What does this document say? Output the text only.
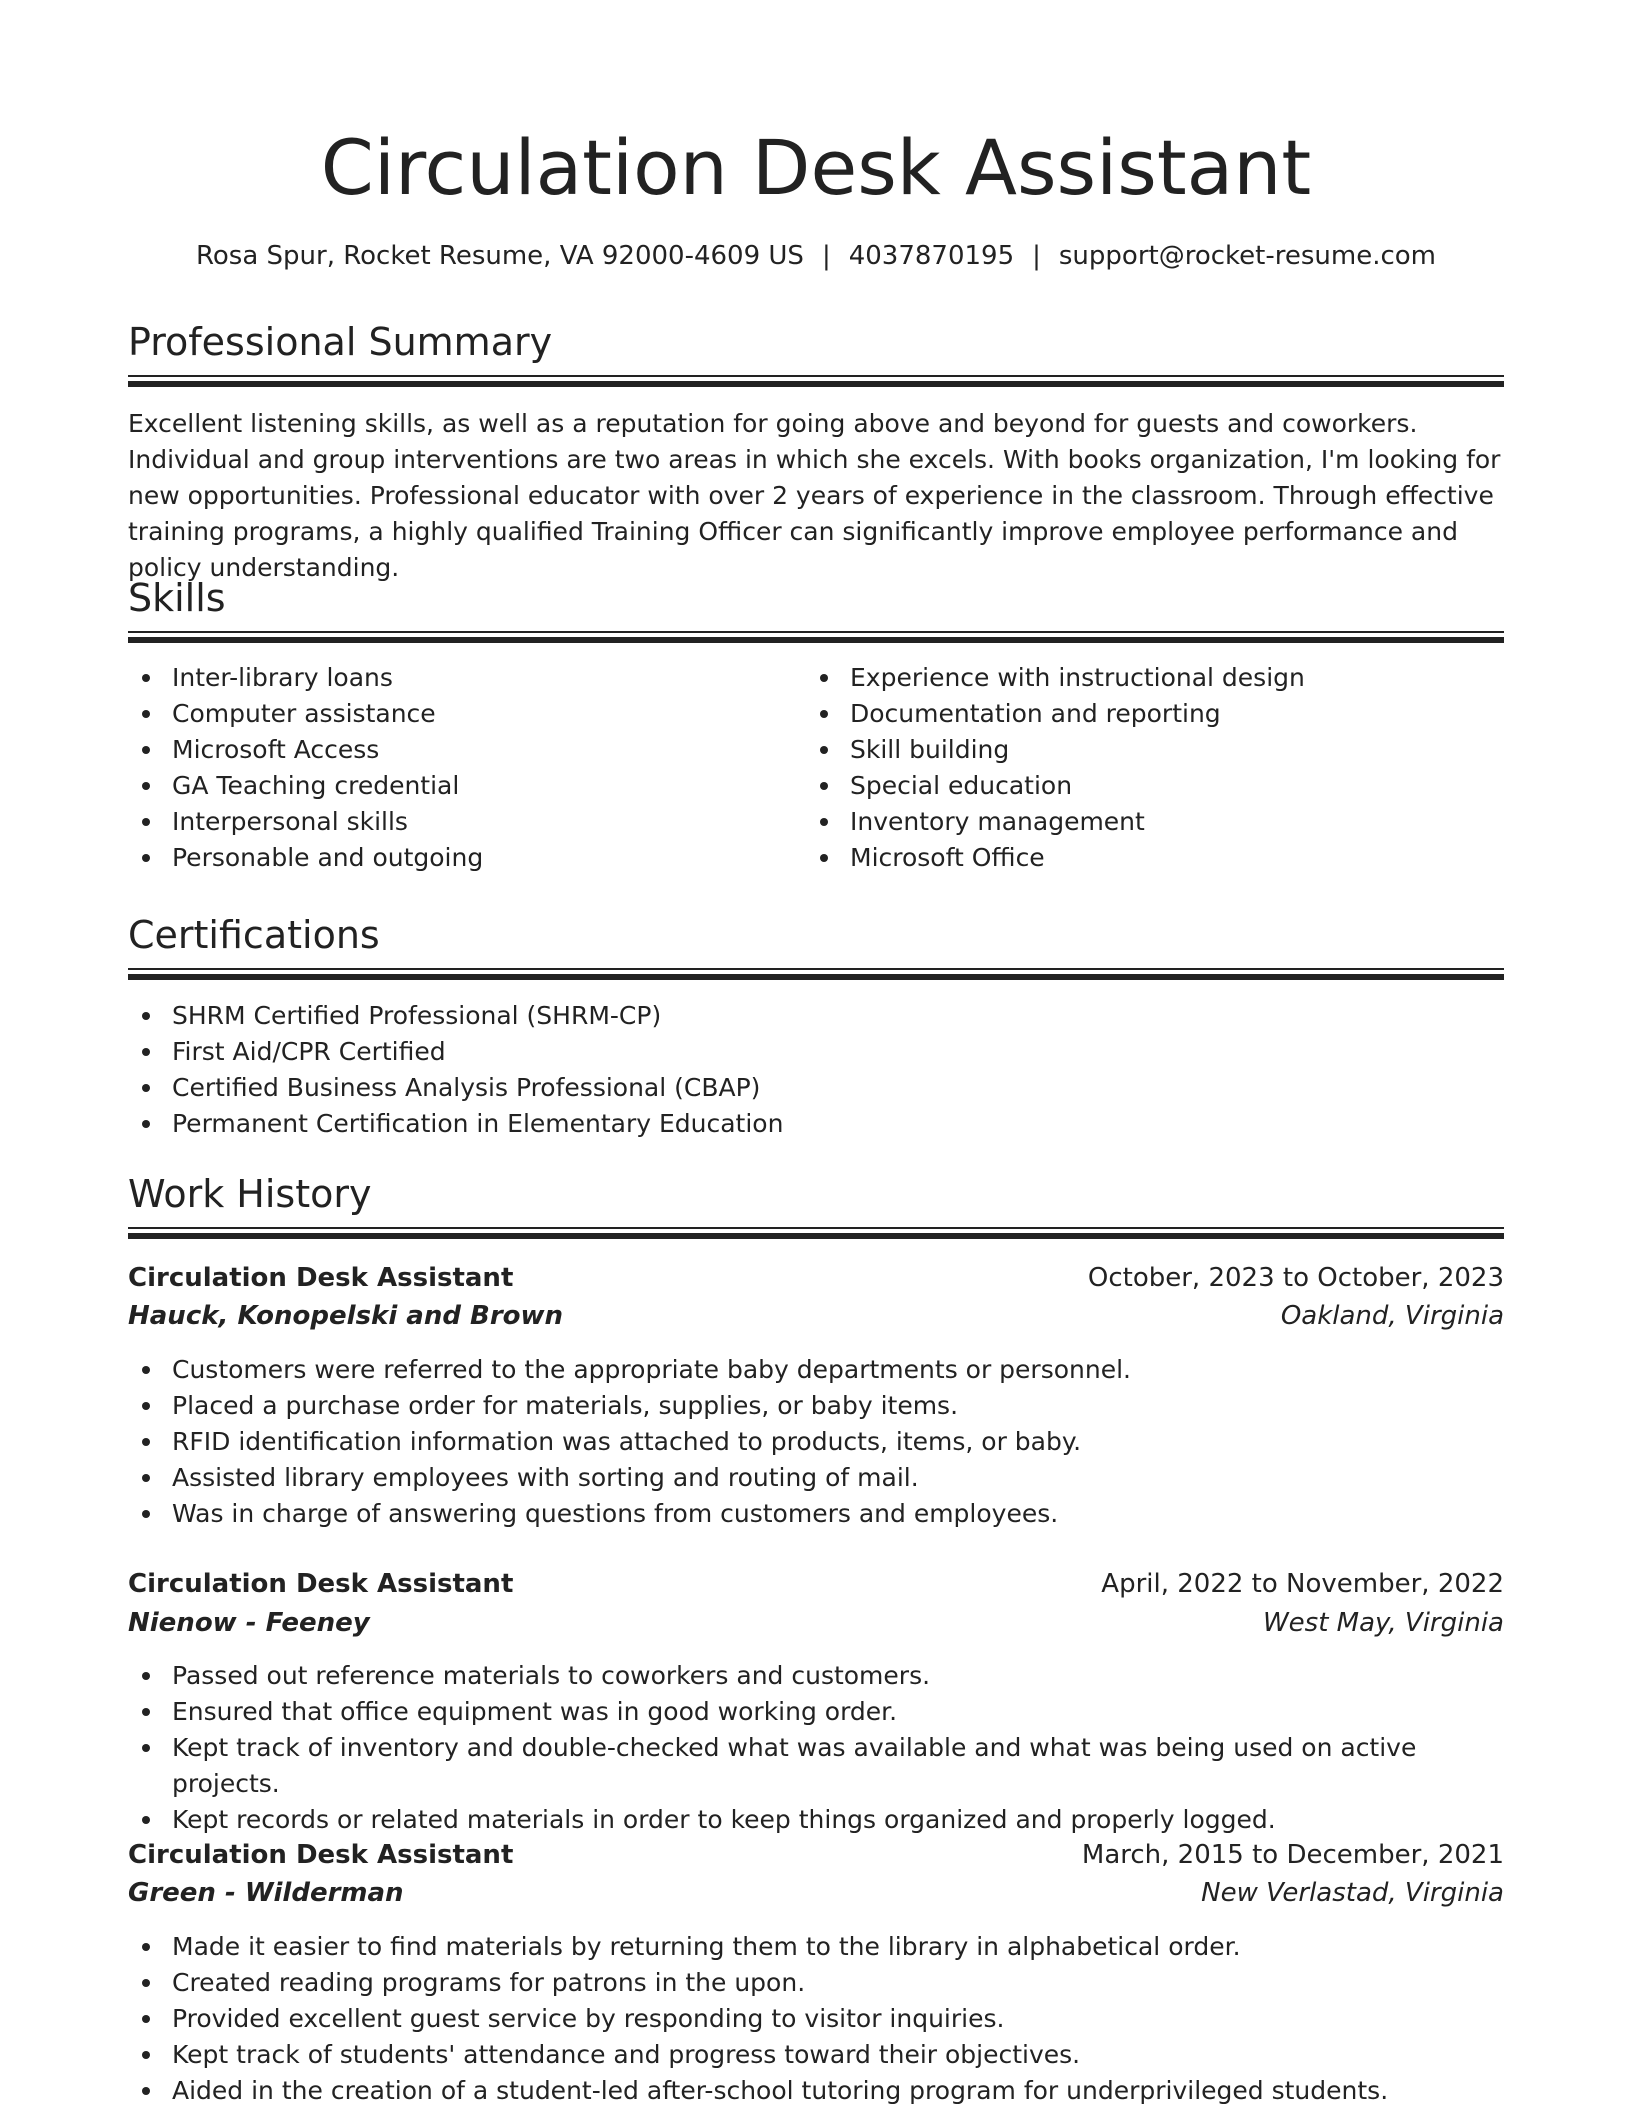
Circulation Desk Assistant
Rosa Spur, Rocket Resume, VA 92000-4609 US | 4037870195 | support@rocket-resume.com
Professional Summary

Excellent listening skills, as well as a reputation for going above and beyond for guests and coworkers. Individual and group interventions are two areas in which she excels. With books organization, I'm looking for new opportunities. Professional educator with over 2 years of experience in the classroom. Through effective training programs, a highly qualified Training Officer can significantly improve employee performance and policy understanding.

Skills
Inter-library loans
Computer assistance
Microsoft Access
GA Teaching credential
Interpersonal skills
Personable and outgoing
Experience with instructional design
Documentation and reporting
Skill building
Special education
Inventory management
Microsoft Office
Certifications
SHRM Certified Professional (SHRM-CP)
First Aid/CPR Certified
Certified Business Analysis Professional (CBAP)
Permanent Certification in Elementary Education
Work History
Circulation Desk Assistant	October, 2023 to October, 2023
Hauck, Konopelski and Brown	Oakland, Virginia
Customers were referred to the appropriate baby departments or personnel.
Placed a purchase order for materials, supplies, or baby items.
RFID identification information was attached to products, items, or baby.
Assisted library employees with sorting and routing of mail.
Was in charge of answering questions from customers and employees.
Circulation Desk Assistant	April, 2022 to November, 2022
Nienow - Feeney	West May, Virginia
Passed out reference materials to coworkers and customers.
Ensured that office equipment was in good working order.
Kept track of inventory and double-checked what was available and what was being used on active projects.
Kept records or related materials in order to keep things organized and properly logged.
Circulation Desk Assistant	March, 2015 to December, 2021
Green - Wilderman	New Verlastad, Virginia
Made it easier to find materials by returning them to the library in alphabetical order.
Created reading programs for patrons in the upon.
Provided excellent guest service by responding to visitor inquiries.
Kept track of students' attendance and progress toward their objectives.
Aided in the creation of a student-led after-school tutoring program for underprivileged students.
